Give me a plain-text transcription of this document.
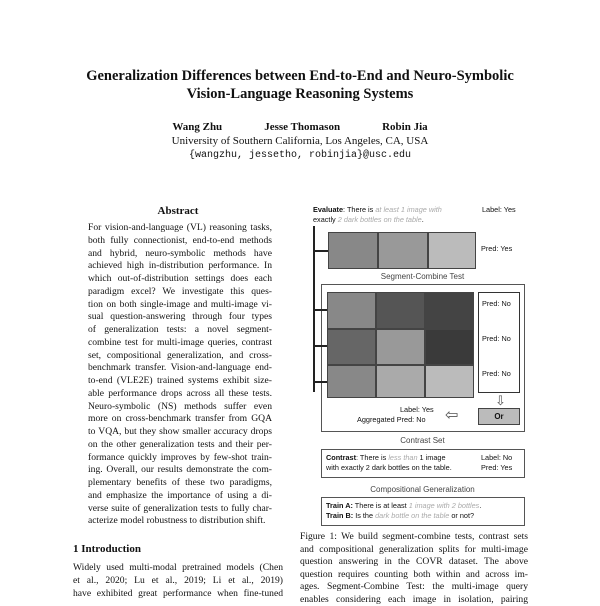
Generalization Differences between End-to-End and Neuro-Symbolic
Vision-Language Reasoning Systems
Wang Zhu	Jesse Thomason	Robin Jia
University of Southern California, Los Angeles, CA, USA
{wangzhu, jessetho, robinjia}@usc.edu
Abstract
For vision-and-language (VL) reasoning tasks,
both fully connectionist, end-to-end methods
and hybrid, neuro-symbolic methods have
achieved high in-distribution performance. In
which out-of-distribution settings does each
paradigm excel? We investigate this ques-
tion on both single-image and multi-image vi-
sual question-answering through four types
of generalization tests: a novel segment-
combine test for multi-image queries, contrast
set, compositional generalization, and cross-
benchmark transfer. Vision-and-language end-
to-end (VLE2E) trained systems exhibit size-
able performance drops across all these tests.
Neuro-symbolic (NS) methods suffer even
more on cross-benchmark transfer from GQA
to VQA, but they show smaller accuracy drops
on the other generalization tests and their per-
formance quickly improves by few-shot train-
ing. Overall, our results demonstrate the com-
plementary benefits of these two paradigms,
and emphasize the importance of using a di-
verse suite of generalization tests to fully char-
acterize model robustness to distribution shift.
1 Introduction
Widely used multi-modal pretrained models (Chen
et al., 2020; Lu et al., 2019; Li et al., 2019)
have exhibited great performance when fine-tuned
Evaluate: There is at least 1 image with
exactly 2 dark bottles on the table.
Label: Yes
Pred: Yes
Segment-Combine Test
Pred: No
Pred: No
Pred: No
⇩
Or
⇦
Label: Yes
Aggregated Pred: No
Contrast Set
Contrast: There is less than 1 image
with exactly 2 dark bottles on the table.
Label: No
Pred: Yes
Compositional Generalization
Train A: There is at least 1 image with 2 bottles.
Train B: Is the dark bottle on the table or not?
Figure 1: We build segment-combine tests, contrast sets
and compositional generalization splits for multi-image
question answering in the COVR dataset. The above
question requires counting both within and across im-
ages. Segment-Combine Test: the multi-image query
enables considering each image in isolation, pairing
